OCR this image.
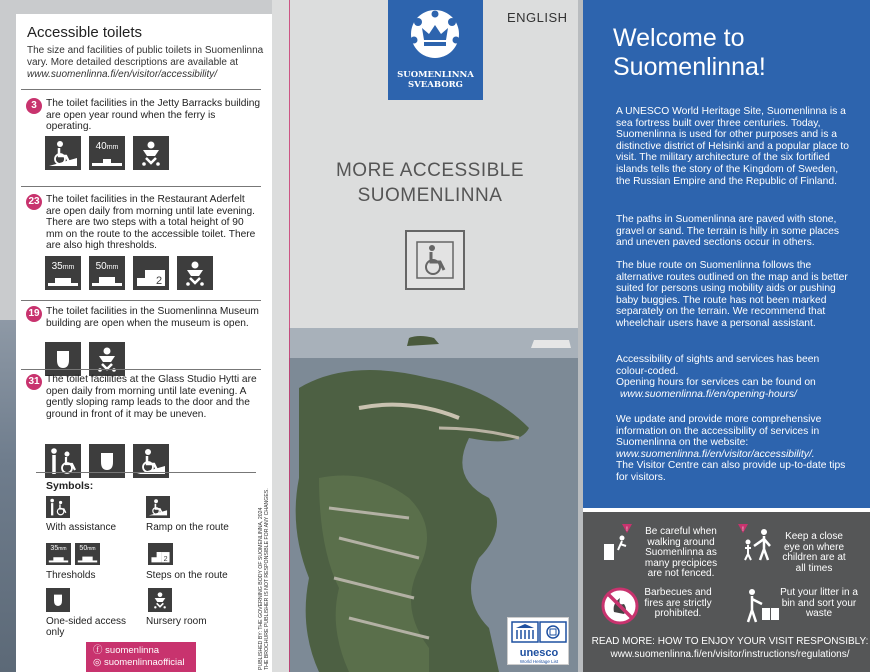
Accessible toilets
The size and facilities of public toilets in Suomenlinna vary. More detailed descriptions are available at www.suomenlinna.fi/en/visitor/accessibility/
3 The toilet facilities in the Jetty Barracks building are open year round when the ferry is operating.
40mm
23 The toilet facilities in the Restaurant Aderfelt are open daily from morning until late evening. There are two steps with a total height of 90 mm on the route to the accessible toilet. There are also high thresholds.
35mm	50mm
2
19 The toilet facilities in the Suomenlinna Museum building are open when the museum is open.
31 The toilet facilities at the Glass Studio Hytti are open daily from morning until late evening. A gently sloping ramp leads to the door and the ground in front of it may be uneven.
Symbols:
With assistance	Ramp on the route
35mm	50mm
Thresholds
2
Steps on the route
One-sided access only
Nursery room
ⓕ suomenlinna
◎ suomenlinnaofficial	PUBLISHED BY: THE GOVERNING BODY OF SUOMENLINNA, 2024 THE BROCHURE PUBLISHER IS NOT RESPONSIBLE FOR ANY CHANGES.
SUOMENLINNA
SVEABORG
ENGLISH
MORE ACCESSIBLE
SUOMENLINNA
unesco
World Heritage List
Welcome to Suomenlinna!
A UNESCO World Heritage Site, Suomenlinna is a sea fortress built over three centuries. Today, Suomenlinna is used for other purposes and is a distinctive district of Helsinki and a popular place to visit. The military architecture of the six fortified islands tells the story of the Kingdom of Sweden, the Russian Empire and the Republic of Finland.
The paths in Suomenlinna are paved with stone, gravel or sand. The terrain is hilly in some places and uneven paved sections occur in others.
The blue route on Suomenlinna follows the alternative routes outlined on the map and is better suited for persons using mobility aids or pushing baby buggies. The route has not been marked separately on the terrain. We recommend that wheelchair users have a personal assistant.
Accessibility of sights and services has been colour-coded.
Opening hours for services can be found on
www.suomenlinna.fi/en/opening-hours/
We update and provide more comprehensive information on the accessibility of services in Suomenlinna on the website:
www.suomenlinna.fi/en/visitor/accessibility/.
The Visitor Centre can also provide up-to-date tips for visitors.
!	Be careful when walking around Suomenlinna as many precipices are not fenced.
!
Keep a close eye on where children are at all times
Barbecues and fires are strictly prohibited.
Put your litter in a bin and sort your waste
READ MORE: HOW TO ENJOY YOUR VISIT RESPONSIBLY:
www.suomenlinna.fi/en/visitor/instructions/regulations/
